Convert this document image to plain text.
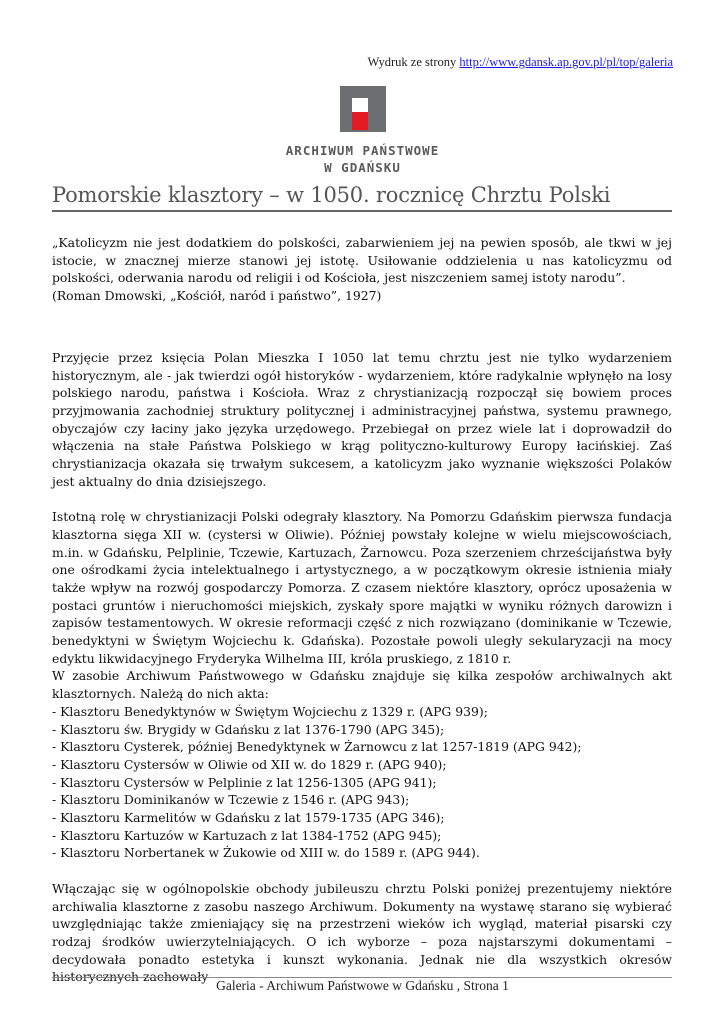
Wydruk ze strony http://www.gdansk.ap.gov.pl/pl/top/galeria
ARCHIWUM PAŃSTWOWE
W GDAŃSKU
Pomorskie klasztory – w 1050. rocznicę Chrztu Polski

„Katolicyzm nie jest dodatkiem do polskości, zabarwieniem jej na pewien sposób, ale tkwi w jej istocie, w znacznej mierze stanowi jej istotę. Usiłowanie oddzielenia u nas katolicyzmu od polskości, oderwania narodu od religii i od Kościoła, jest niszczeniem samej istoty narodu”.

(Roman Dmowski, „Kościół, naród i państwo”, 1927)

Przyjęcie przez księcia Polan Mieszka I 1050 lat temu chrztu jest nie tylko wydarzeniem historycznym, ale - jak twierdzi ogół historyków - wydarzeniem, które radykalnie wpłynęło na losy polskiego narodu, państwa i Kościoła. Wraz z chrystianizacją rozpoczął się bowiem proces przyjmowania zachodniej struktury politycznej i administracyjnej państwa, systemu prawnego, obyczajów czy łaciny jako języka urzędowego. Przebiegał on przez wiele lat i doprowadził do włączenia na stałe Państwa Polskiego w krąg polityczno-kulturowy Europy łacińskiej. Zaś chrystianizacja okazała się trwałym sukcesem, a katolicyzm jako wyznanie większości Polaków jest aktualny do dnia dzisiejszego.

Istotną rolę w chrystianizacji Polski odegrały klasztory. Na Pomorzu Gdańskim pierwsza fundacja klasztorna sięga XII w. (cystersi w Oliwie). Później powstały kolejne w wielu miejscowościach, m.in. w Gdańsku, Pelplinie, Tczewie, Kartuzach, Żarnowcu. Poza szerzeniem chrześcijaństwa były one ośrodkami życia intelektualnego i artystycznego, a w początkowym okresie istnienia miały także wpływ na rozwój gospodarczy Pomorza. Z czasem niektóre klasztory, oprócz uposażenia w postaci gruntów i nieruchomości miejskich, zyskały spore majątki w wyniku różnych darowizn i zapisów testamentowych. W okresie reformacji część z nich rozwiązano (dominikanie w Tczewie, benedyktyni w Świętym Wojciechu k. Gdańska). Pozostałe powoli uległy sekularyzacji na mocy edyktu likwidacyjnego Fryderyka Wilhelma III, króla pruskiego, z 1810 r.

W zasobie Archiwum Państwowego w Gdańsku znajduje się kilka zespołów archiwalnych akt klasztornych. Należą do nich akta:

- Klasztoru Benedyktynów w Świętym Wojciechu z 1329 r. (APG 939);
- Klasztoru św. Brygidy w Gdańsku z lat 1376-1790 (APG 345);
- Klasztoru Cysterek, później Benedyktynek w Żarnowcu z lat 1257-1819 (APG 942);
- Klasztoru Cystersów w Oliwie od XII w. do 1829 r. (APG 940);
- Klasztoru Cystersów w Pelplinie z lat 1256-1305 (APG 941);
- Klasztoru Dominikanów w Tczewie z 1546 r. (APG 943);
- Klasztoru Karmelitów w Gdańsku z lat 1579-1735 (APG 346);
- Klasztoru Kartuzów w Kartuzach z lat 1384-1752 (APG 945);
- Klasztoru Norbertanek w Żukowie od XIII w. do 1589 r. (APG 944).

Włączając się w ogólnopolskie obchody jubileuszu chrztu Polski poniżej prezentujemy niektóre archiwalia klasztorne z zasobu naszego Archiwum. Dokumenty na wystawę starano się wybierać uwzględniając także zmieniający się na przestrzeni wieków ich wygląd, materiał pisarski czy rodzaj środków uwierzytelniających. O ich wyborze – poza najstarszymi dokumentami – decydowała ponadto estetyka i kunszt wykonania. Jednak nie dla wszystkich okresów historycznych zachowały

Galeria - Archiwum Państwowe w Gdańsku , Strona 1
